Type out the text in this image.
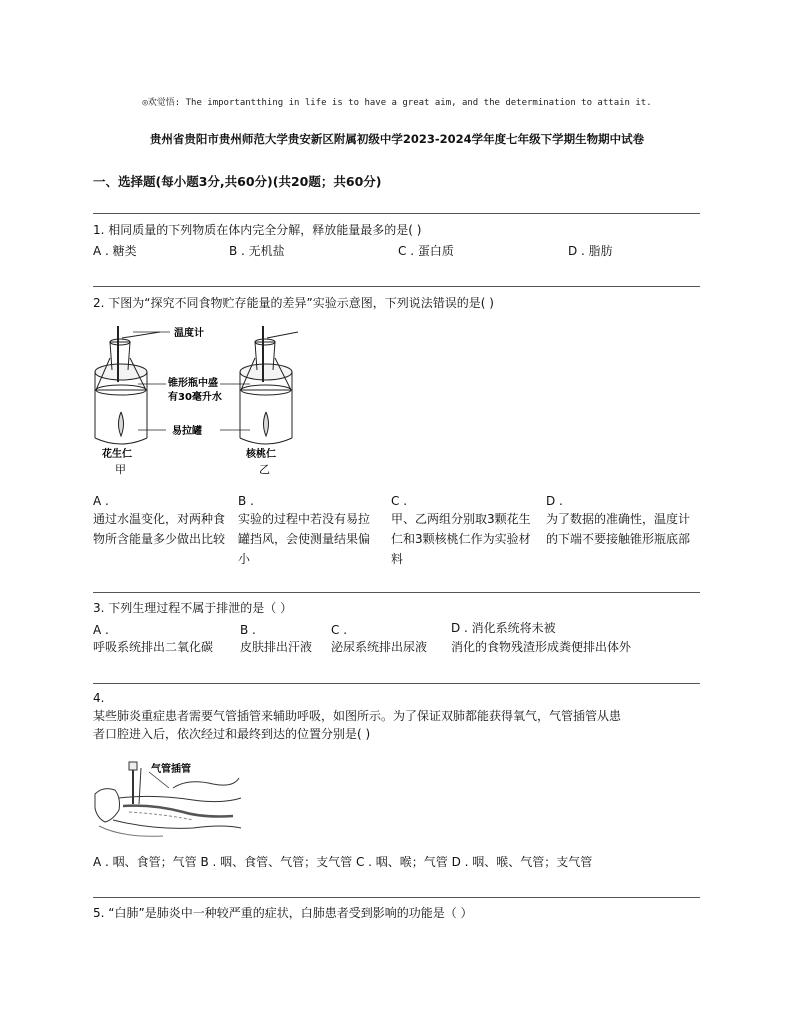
◎欢觉悟: The importantthing in life is to have a great aim, and the determination to attain it.
贵州省贵阳市贵州师范大学贵安新区附属初级中学2023-2024学年度七年级下学期生物期中试卷
一、选择题(每小题3分,共60分)(共20题；共60分)
1. 相同质量的下列物质在体内完全分解，释放能量最多的是( )
A . 糖类	B . 无机盐	C . 蛋白质	D . 脂肪
2. 下图为“探究不同食物贮存能量的差异”实验示意图，下列说法错误的是( )
温度计
锥形瓶中盛
有30毫升水
易拉罐
花生仁
甲
核桃仁
乙
A .
通过水温变化，对两种食物所含能量多少做出比较
B .
实验的过程中若没有易拉罐挡风，会使测量结果偏小
C .
甲、乙两组分别取3颗花生仁和3颗核桃仁作为实验材料
D .
为了数据的准确性，温度计的下端不要接触锥形瓶底部
3. 下列生理过程不属于排泄的是（ ）
A .
呼吸系统排出二氧化碳
B .
皮肤排出汗液
C .
泌尿系统排出尿液
D . 消化系统将未被
消化的食物残渣形成粪便排出体外
4.
某些肺炎重症患者需要气管插管来辅助呼吸，如图所示。为了保证双肺都能获得氧气，气管插管从患
者口腔进入后，依次经过和最终到达的位置分别是( )
气管插管
A . 咽、食管；气管 B . 咽、食管、气管；支气管 C . 咽、喉；气管 D . 咽、喉、气管；支气管
5. “白肺”是肺炎中一种较严重的症状，白肺患者受到影响的功能是（ ）
